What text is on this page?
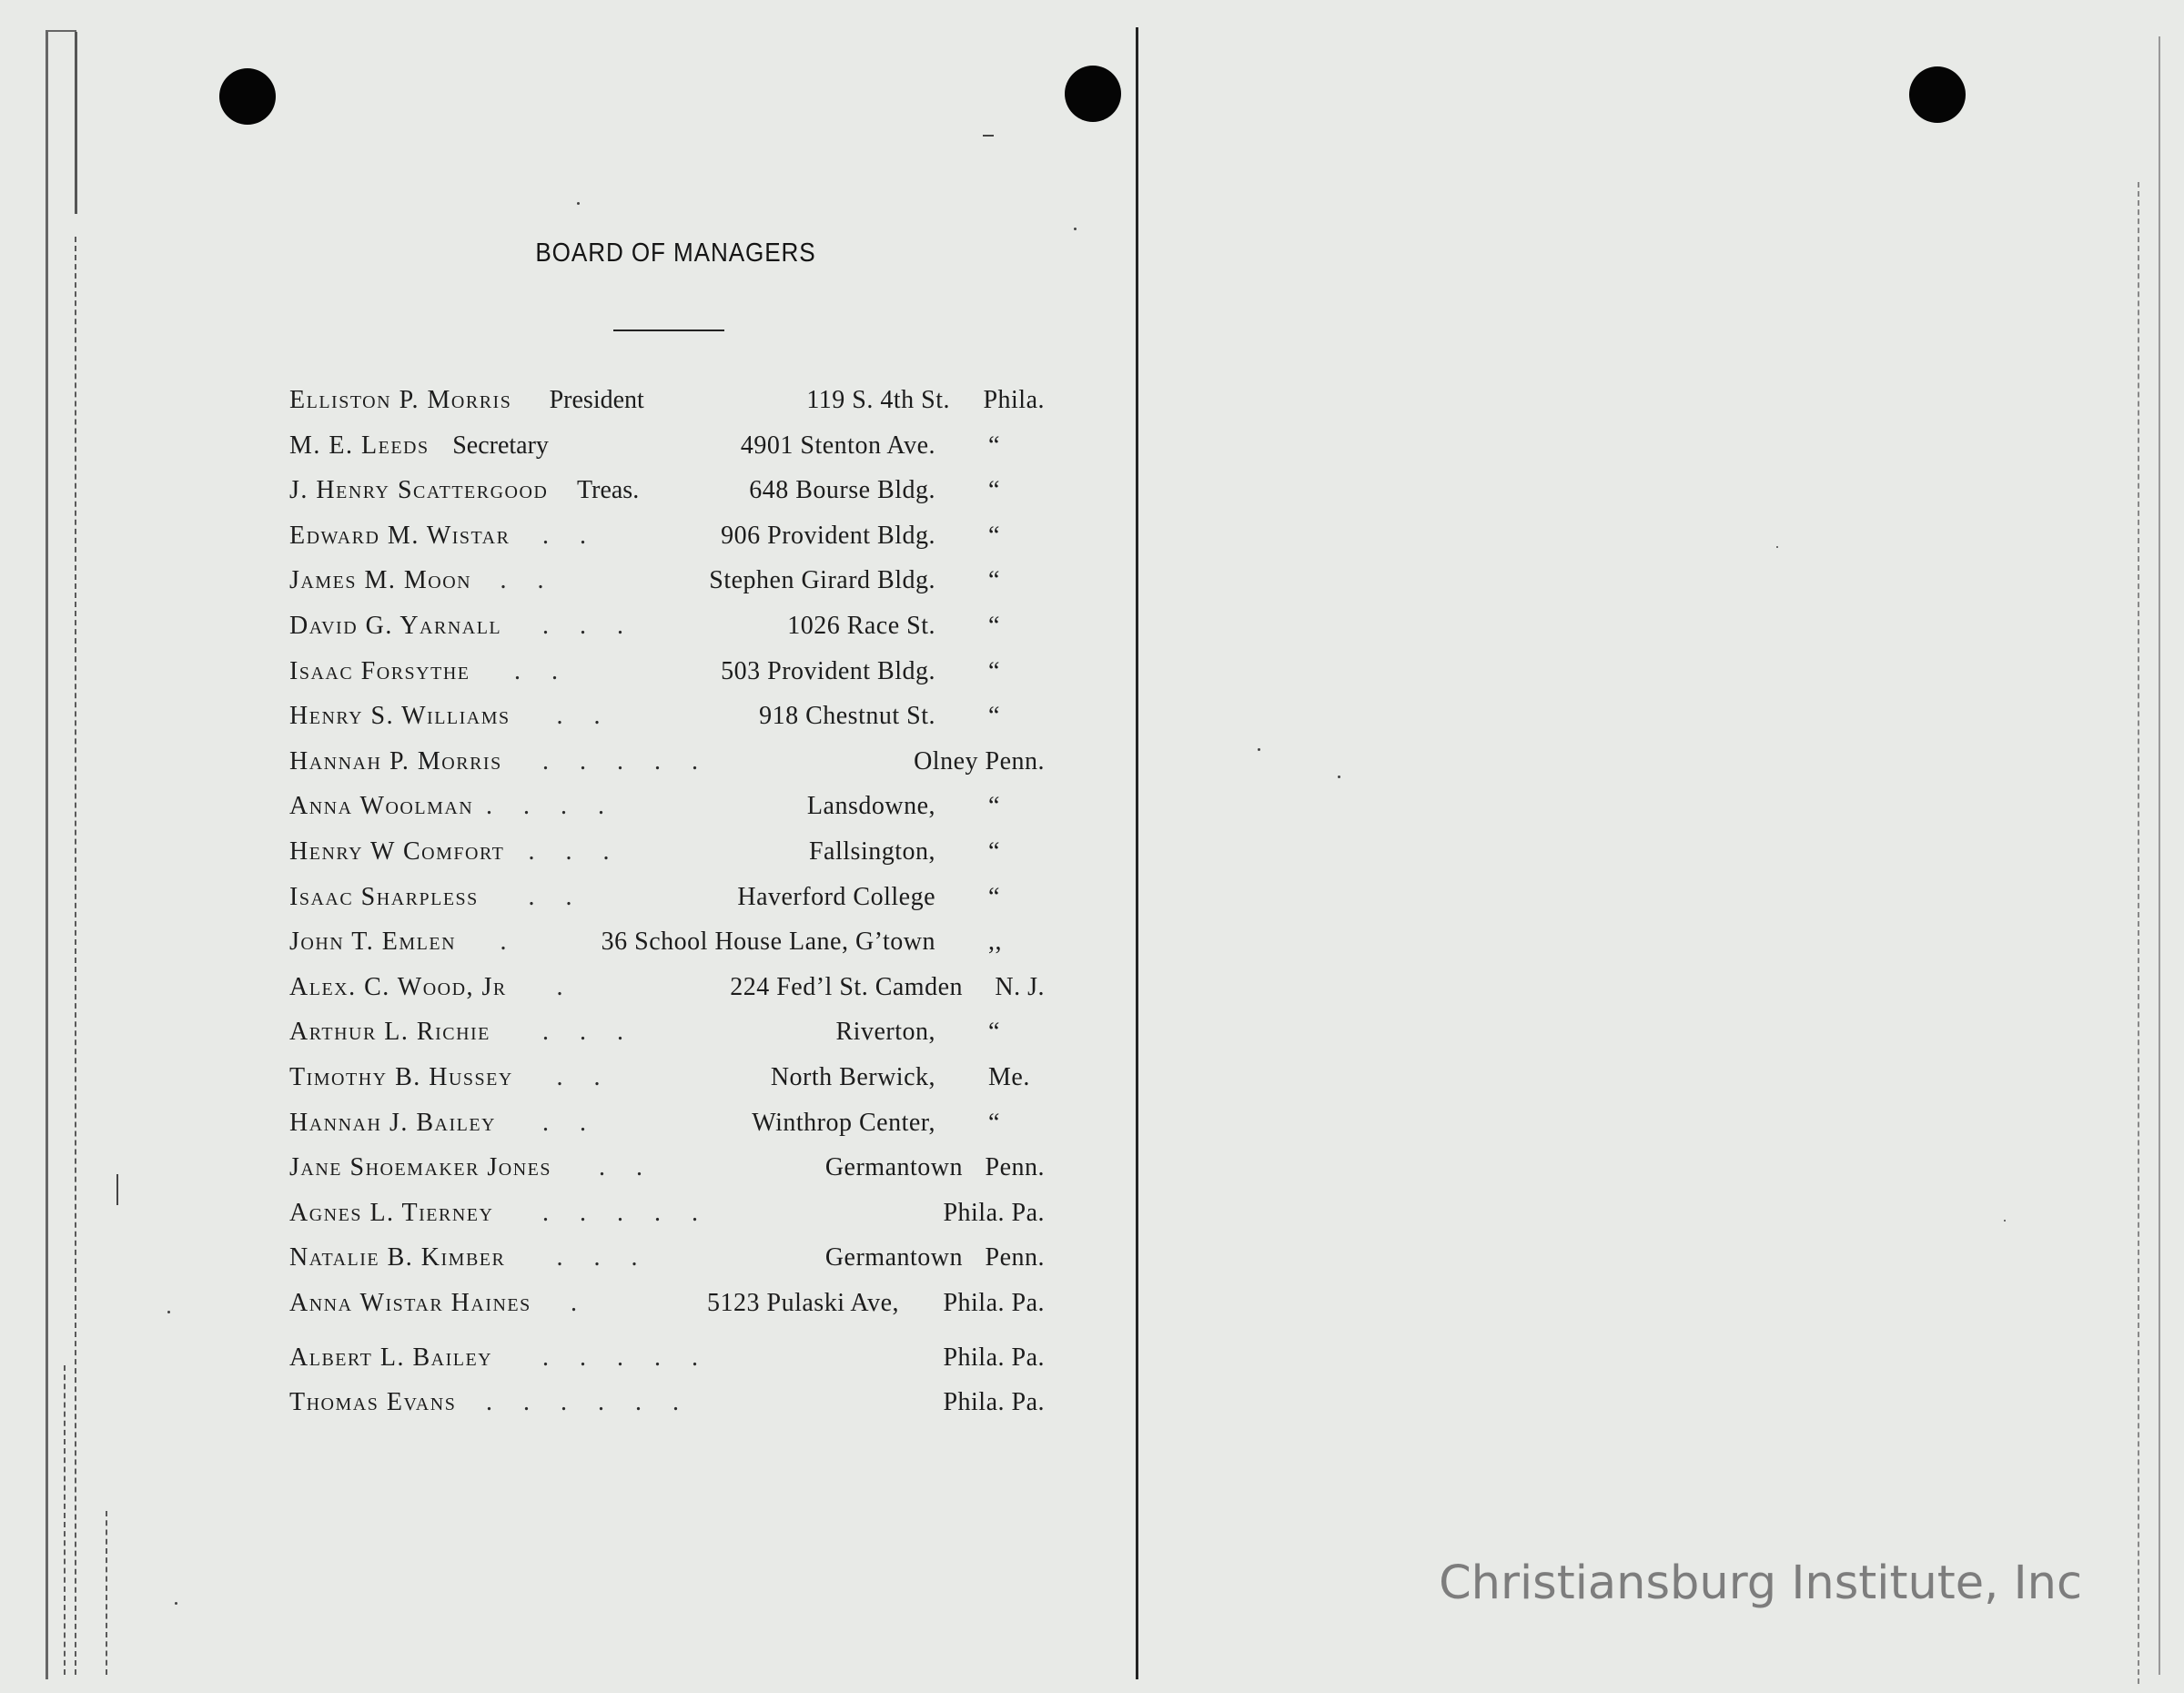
BOARD OF MANAGERS
Elliston P. Morris President	119 S. 4th St. Phila.
M. E. Leeds Secretary	4901 Stenton Ave. “
J. Henry Scattergood Treas.	648 Bourse Bldg. “
Edward M. Wistar ..	906 Provident Bldg. “
James M. Moon ..	Stephen Girard Bldg. “
David G. Yarnall ...	1026 Race St. “
Isaac Forsythe ..	503 Provident Bldg. “
Henry S. Williams ..	918 Chestnut St. “
Hannah P. Morris .....	Olney Penn.
Anna Woolman ....	Lansdowne, “
Henry W Comfort ...	Fallsington, “
Isaac Sharpless ..	Haverford College “
John T. Emlen .	36 School House Lane, G’town ,,
Alex. C. Wood, Jr .	224 Fed’l St. Camden N. J.
Arthur L. Richie ...	Riverton, “
Timothy B. Hussey ..	North Berwick, Me.
Hannah J. Bailey ..	Winthrop Center, “
Jane Shoemaker Jones ..	Germantown Penn.
Agnes L. Tierney .....	Phila. Pa.
Natalie B. Kimber ...	Germantown Penn.
Anna Wistar Haines .	5123 Pulaski Ave, Phila. Pa.
Albert L. Bailey .....	Phila. Pa.
Thomas Evans ......	Phila. Pa.
Christiansburg Institute, Inc
